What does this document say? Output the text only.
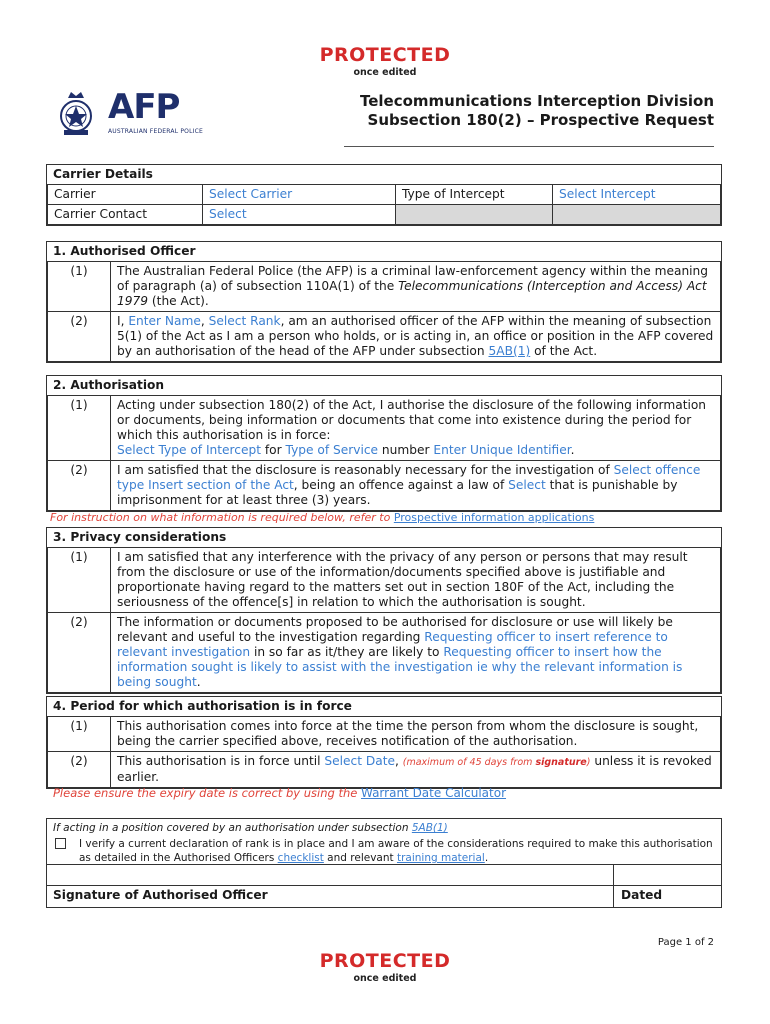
PROTECTED
once edited
AFP
AUSTRALIAN FEDERAL POLICE
Telecommunications Interception Division
Subsection 180(2) – Prospective Request
Carrier Details
Carrier	Select Carrier	Type of Intercept	Select Intercept
Carrier Contact	Select		
1. Authorised Officer
(1)	The Australian Federal Police (the AFP) is a criminal law-enforcement agency within the meaning of paragraph (a) of subsection 110A(1) of the Telecommunications (Interception and Access) Act 1979 (the Act).
(2)	I, Enter Name, Select Rank, am an authorised officer of the AFP within the meaning of subsection 5(1) of the Act as I am a person who holds, or is acting in, an office or position in the AFP covered by an authorisation of the head of the AFP under subsection 5AB(1) of the Act.
2. Authorisation
(1)	Acting under subsection 180(2) of the Act, I authorise the disclosure of the following information or documents, being information or documents that come into existence during the period for which this authorisation is in force:
Select Type of Intercept for Type of Service number Enter Unique Identifier.
(2)	I am satisfied that the disclosure is reasonably necessary for the investigation of Select offence type Insert section of the Act, being an offence against a law of Select that is punishable by imprisonment for at least three (3) years.
For instruction on what information is required below, refer to Prospective information applications
3. Privacy considerations
(1)	I am satisfied that any interference with the privacy of any person or persons that may result from the disclosure or use of the information/documents specified above is justifiable and proportionate having regard to the matters set out in section 180F of the Act, including the seriousness of the offence[s] in relation to which the authorisation is sought.
(2)	The information or documents proposed to be authorised for disclosure or use will likely be relevant and useful to the investigation regarding Requesting officer to insert reference to relevant investigation in so far as it/they are likely to Requesting officer to insert how the information sought is likely to assist with the investigation ie why the relevant information is being sought.
4. Period for which authorisation is in force
(1)	This authorisation comes into force at the time the person from whom the disclosure is sought, being the carrier specified above, receives notification of the authorisation.
(2)	This authorisation is in force until Select Date, (maximum of 45 days from signature) unless it is revoked earlier.
Please ensure the expiry date is correct by using the Warrant Date Calculator
If acting in a position covered by an authorisation under subsection 5AB(1)
I verify a current declaration of rank is in place and I am aware of the considerations required to make this authorisation as detailed in the Authorised Officers checklist and relevant training material.
Signature of Authorised Officer	Dated
Page 1 of 2
PROTECTED
once edited
